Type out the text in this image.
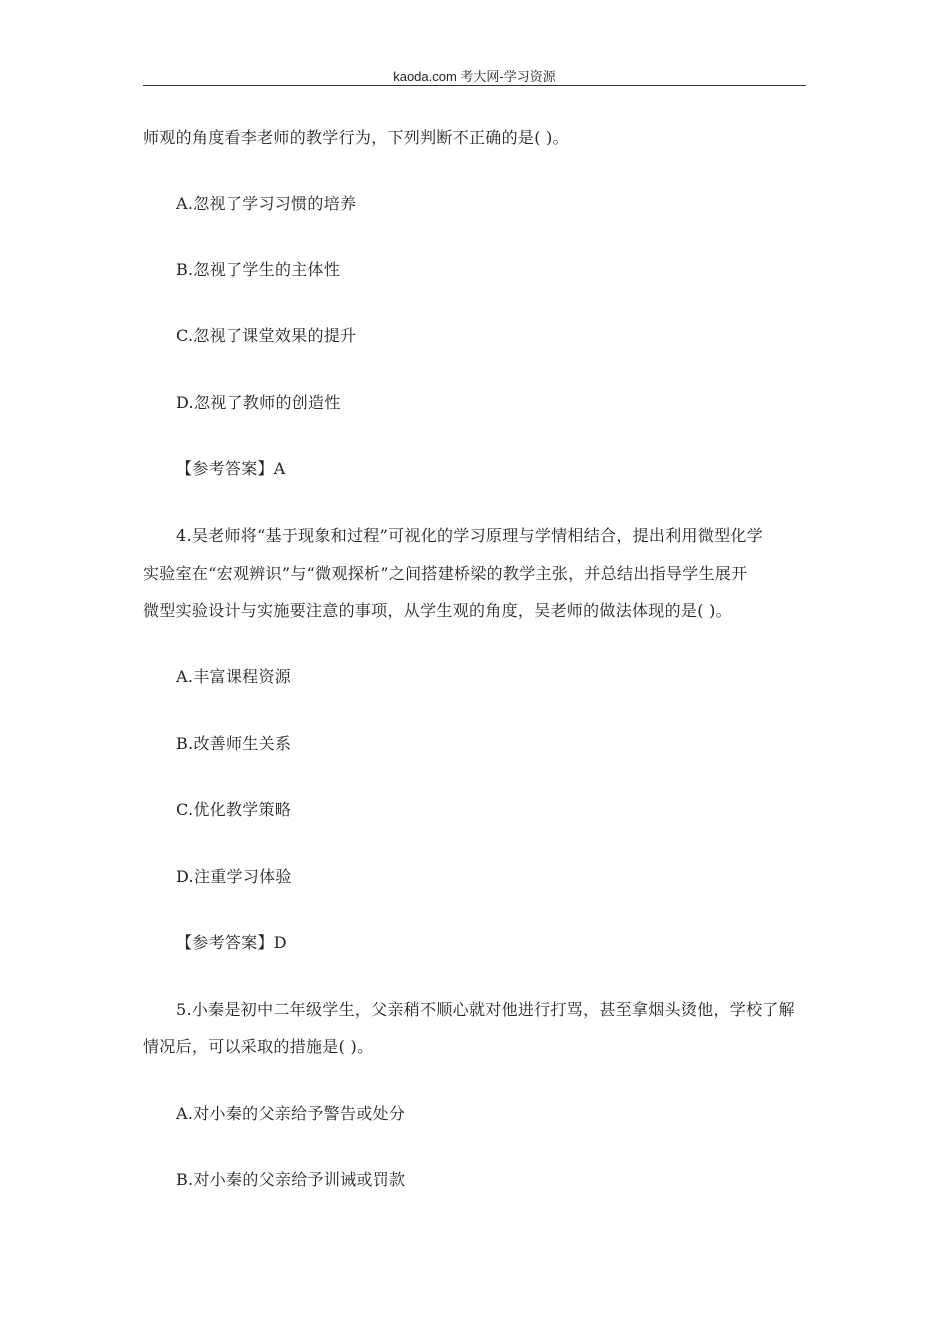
kaoda.com 考大网-学习资源
师观的角度看李老师的教学行为，下列判断不正确的是( )。
A.忽视了学习习惯的培养
B.忽视了学生的主体性
C.忽视了课堂效果的提升
D.忽视了教师的创造性
【参考答案】A
4.吴老师将“基于现象和过程”可视化的学习原理与学情相结合，提出利用微型化学
实验室在“宏观辨识”与“微观探析”之间搭建桥梁的教学主张，并总结出指导学生展开
微型实验设计与实施要注意的事项，从学生观的角度，吴老师的做法体现的是( )。
A.丰富课程资源
B.改善师生关系
C.优化教学策略
D.注重学习体验
【参考答案】D
5.小秦是初中二年级学生，父亲稍不顺心就对他进行打骂，甚至拿烟头烫他，学校了解
情况后，可以采取的措施是( )。
A.对小秦的父亲给予警告或处分
B.对小秦的父亲给予训诫或罚款
